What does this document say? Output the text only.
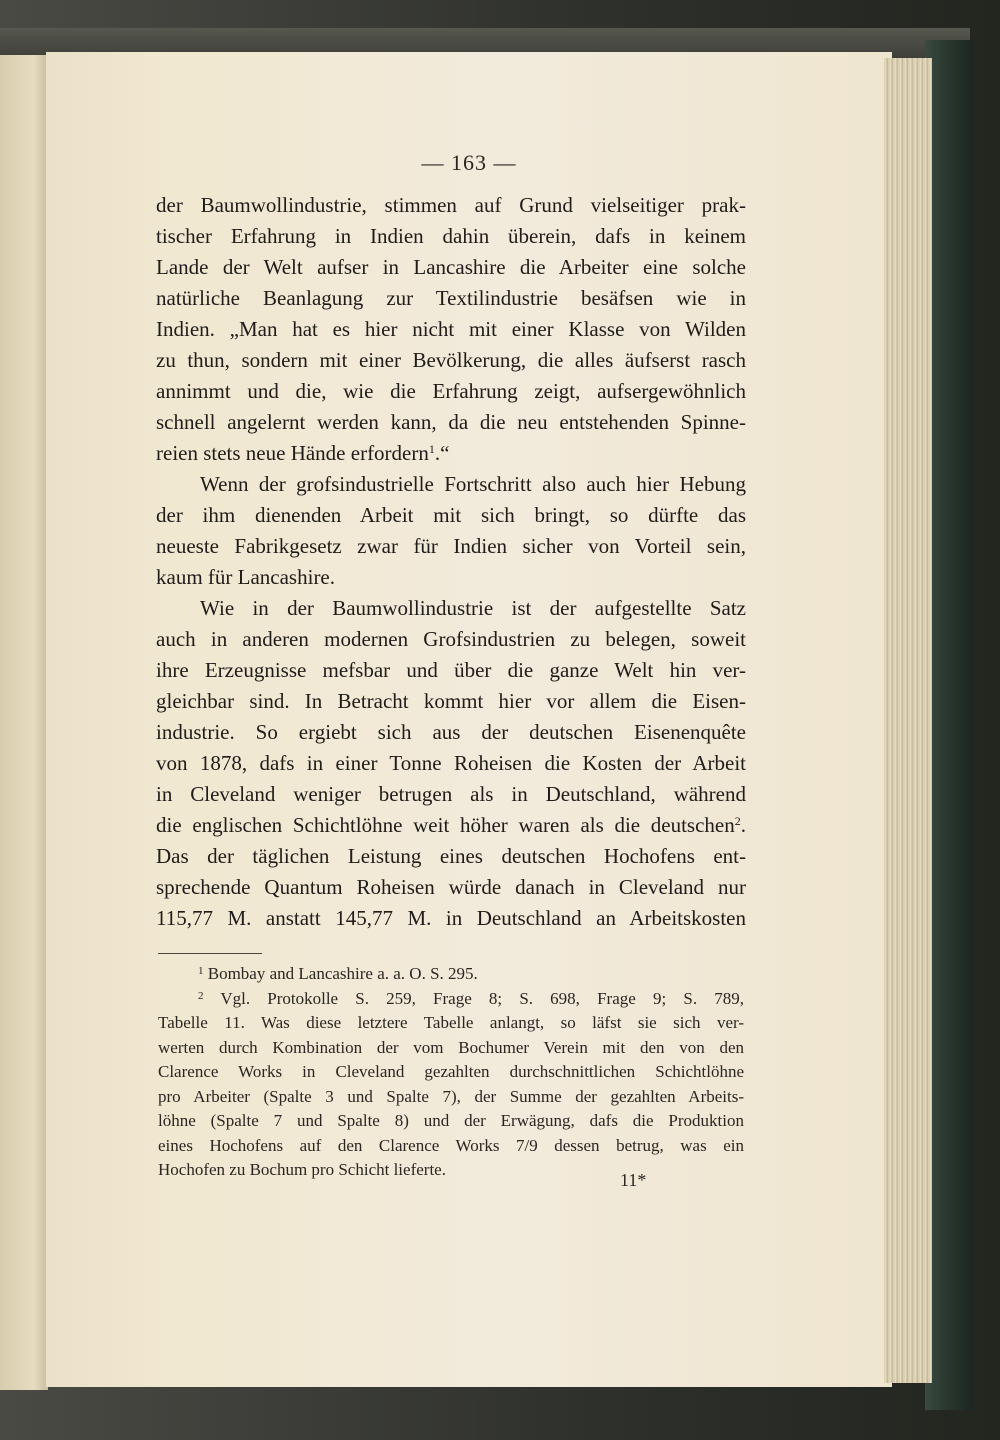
— 163 —
der Baumwollindustrie, stimmen auf Grund vielseitiger prak-
tischer Erfahrung in Indien dahin überein, dafs in keinem
Lande der Welt aufser in Lancashire die Arbeiter eine solche
natürliche Beanlagung zur Textilindustrie besäfsen wie in
Indien. „Man hat es hier nicht mit einer Klasse von Wilden
zu thun, sondern mit einer Bevölkerung, die alles äufserst rasch
annimmt und die, wie die Erfahrung zeigt, aufsergewöhnlich
schnell angelernt werden kann, da die neu entstehenden Spinne-
reien stets neue Hände erfordern$^1$.“
Wenn der grofsindustrielle Fortschritt also auch hier Hebung
der ihm dienenden Arbeit mit sich bringt, so dürfte das
neueste Fabrikgesetz zwar für Indien sicher von Vorteil sein,
kaum für Lancashire.
Wie in der Baumwollindustrie ist der aufgestellte Satz
auch in anderen modernen Grofsindustrien zu belegen, soweit
ihre Erzeugnisse mefsbar und über die ganze Welt hin ver-
gleichbar sind. In Betracht kommt hier vor allem die Eisen-
industrie. So ergiebt sich aus der deutschen Eisenenquête
von 1878, dafs in einer Tonne Roheisen die Kosten der Arbeit
in Cleveland weniger betrugen als in Deutschland, während
die englischen Schichtlöhne weit höher waren als die deutschen$^2$.
Das der täglichen Leistung eines deutschen Hochofens ent-
sprechende Quantum Roheisen würde danach in Cleveland nur
115,77 M. anstatt 145,77 M. in Deutschland an Arbeitskosten
$^1$ Bombay and Lancashire a. a. O. S. 295.
$^2$ Vgl. Protokolle S. 259, Frage 8; S. 698, Frage 9; S. 789,
Tabelle 11. Was diese letztere Tabelle anlangt, so läfst sie sich ver-
werten durch Kombination der vom Bochumer Verein mit den von den
Clarence Works in Cleveland gezahlten durchschnittlichen Schichtlöhne
pro Arbeiter (Spalte 3 und Spalte 7), der Summe der gezahlten Arbeits-
löhne (Spalte 7 und Spalte 8) und der Erwägung, dafs die Produktion
eines Hochofens auf den Clarence Works 7/9 dessen betrug, was ein
Hochofen zu Bochum pro Schicht lieferte.
11*
